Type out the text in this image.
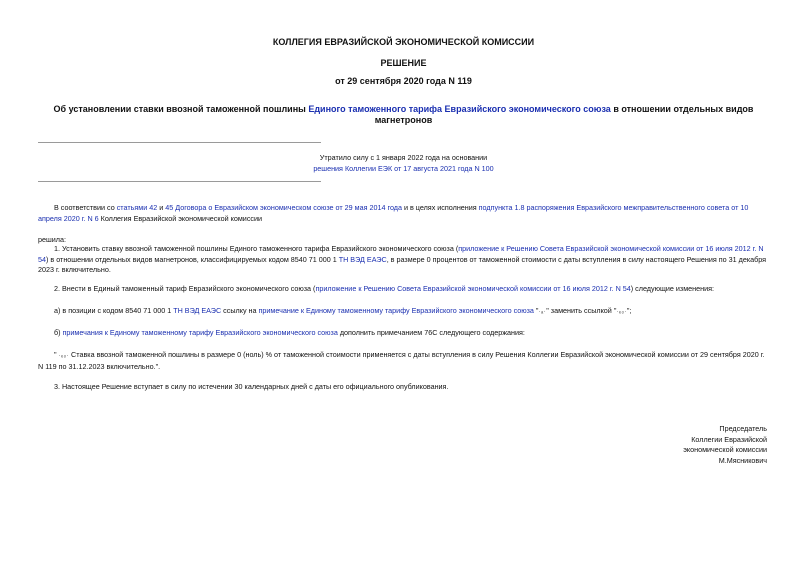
КОЛЛЕГИЯ ЕВРАЗИЙСКОЙ ЭКОНОМИЧЕСКОЙ КОМИССИИ
РЕШЕНИЕ
от 29 сентября 2020 года N 119
Об установлении ставки ввозной таможенной пошлины Единого таможенного тарифа Евразийского экономического союза в отношении отдельных видов магнетронов
Утратило силу с 1 января 2022 года на основании
решения Коллегии ЕЭК от 17 августа 2021 года N 100
В соответствии со статьями 42 и 45 Договора о Евразийском экономическом союзе от 29 мая 2014 года и в целях исполнения подпункта 1.8 распоряжения Евразийского межправительственного совета от 10 апреля 2020 г. N 6 Коллегия Евразийской экономической комиссии
решила:
1. Установить ставку ввозной таможенной пошлины Единого таможенного тарифа Евразийского экономического союза (приложение к Решению Совета Евразийской экономической комиссии от 16 июля 2012 г. N 54) в отношении отдельных видов магнетронов, классифицируемых кодом 8540 71 000 1 ТН ВЭД ЕАЭС, в размере 0 процентов от таможенной стоимости с даты вступления в силу настоящего Решения по 31 декабря 2023 г. включительно.
2. Внести в Единый таможенный тариф Евразийского экономического союза (приложение к Решению Совета Евразийской экономической комиссии от 16 июля 2012 г. N 54) следующие изменения:
а) в позиции с кодом 8540 71 000 1 ТН ВЭД ЕАЭС ссылку на примечание к Единому таможенному тарифу Евразийского экономического союза "·ₐ·" заменить ссылкой "·ₑₒ·";
б) примечания к Единому таможенному тарифу Евразийского экономического союза дополнить примечанием 76С следующего содержания:
" ·ₑₒ· Ставка ввозной таможенной пошлины в размере 0 (ноль) % от таможенной стоимости применяется с даты вступления в силу Решения Коллегии Евразийской экономической комиссии от 29 сентября 2020 г. N 119 по 31.12.2023 включительно.".
3. Настоящее Решение вступает в силу по истечении 30 календарных дней с даты его официального опубликования.
Председатель
Коллегии Евразийской
экономической комиссии
М.Мясникович
